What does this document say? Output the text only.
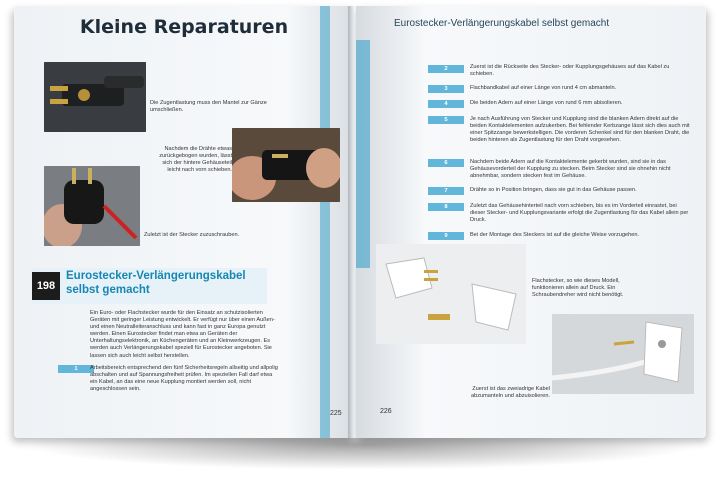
Kleine Reparaturen
Die Zugentlastung muss den Mantel zur Gänze umschließen.
Nachdem die Drähte etwas zurückgebogen wurden, lässt sich der hintere Gehäuseteil leicht nach vorn schieben.
Zuletzt ist der Stecker zuzuschrauben.
198
Eurostecker-Verlängerungskabel selbst gemacht
Ein Euro- oder Flachstecker wurde für den Einsatz an schutzisolierten Geräten mit geringer Leistung entwickelt. Er verfügt nur über einen Außen- und einen Neutralleiteranschluss und kann fast in ganz Europa genutzt werden. Einen Eurostecker findet man etwa an Geräten der Unterhaltungselektronik, an Küchengeräten und an Kleinwerkzeugen. Es werden auch Verlängerungskabel speziell für Eurostecker angeboten. Sie lassen sich auch leicht selbst herstellen.
1	Arbeitsbereich entsprechend den fünf Sicherheitsregeln allseitig und allpolig abschalten und auf Spannungsfreiheit prüfen. Im speziellen Fall darf etwa ein Kabel, an das eine neue Kupplung montiert werden soll, nicht angeschlossen sein.
225
Eurostecker-Verlängerungskabel selbst gemacht
2	Zuerst ist die Rückseite des Stecker- oder Kupplungsgehäuses auf das Kabel zu schieben.
3	Flachbandkabel auf einer Länge von rund 4 cm abmanteln.
4	Die beiden Adern auf einer Länge von rund 6 mm abisolieren.
5	Je nach Ausführung von Stecker und Kupplung sind die blanken Adern direkt auf die beiden Kontaktelementen aufzukerben. Bei fehlender Kerbzange lässt sich dies auch mit einer Spitzzange bewerkstelligen. Die vorderen Schenkel sind für den blanken Draht, die beiden hinteren als Zugentlastung für den Draht vorgesehen.
6	Nachdem beide Adern auf die Kontaktelemente gekerbt wurden, sind sie in das Gehäusevorderteil der Kupplung zu stecken. Beim Stecker sind sie ohnehin nicht abnehmbar, sondern stecken fest im Gehäuse.
7	Drähte so in Position bringen, dass sie gut in das Gehäuse passen.
8	Zuletzt das Gehäusehinterteil nach vorn schieben, bis es im Vorderteil einrastet, bei dieser Stecker- und Kupplungsvariante erfolgt die Zugentlastung für das Kabel allein per Druck.
9	Bei der Montage des Steckers ist auf die gleiche Weise vorzugehen.
Flachstecker, so wie dieses Modell, funktionieren allein auf Druck. Ein Schraubendreher wird nicht benötigt.
Zuerst ist das zweiadrige Kabel abzumanteln und abzuisolieren.
226
